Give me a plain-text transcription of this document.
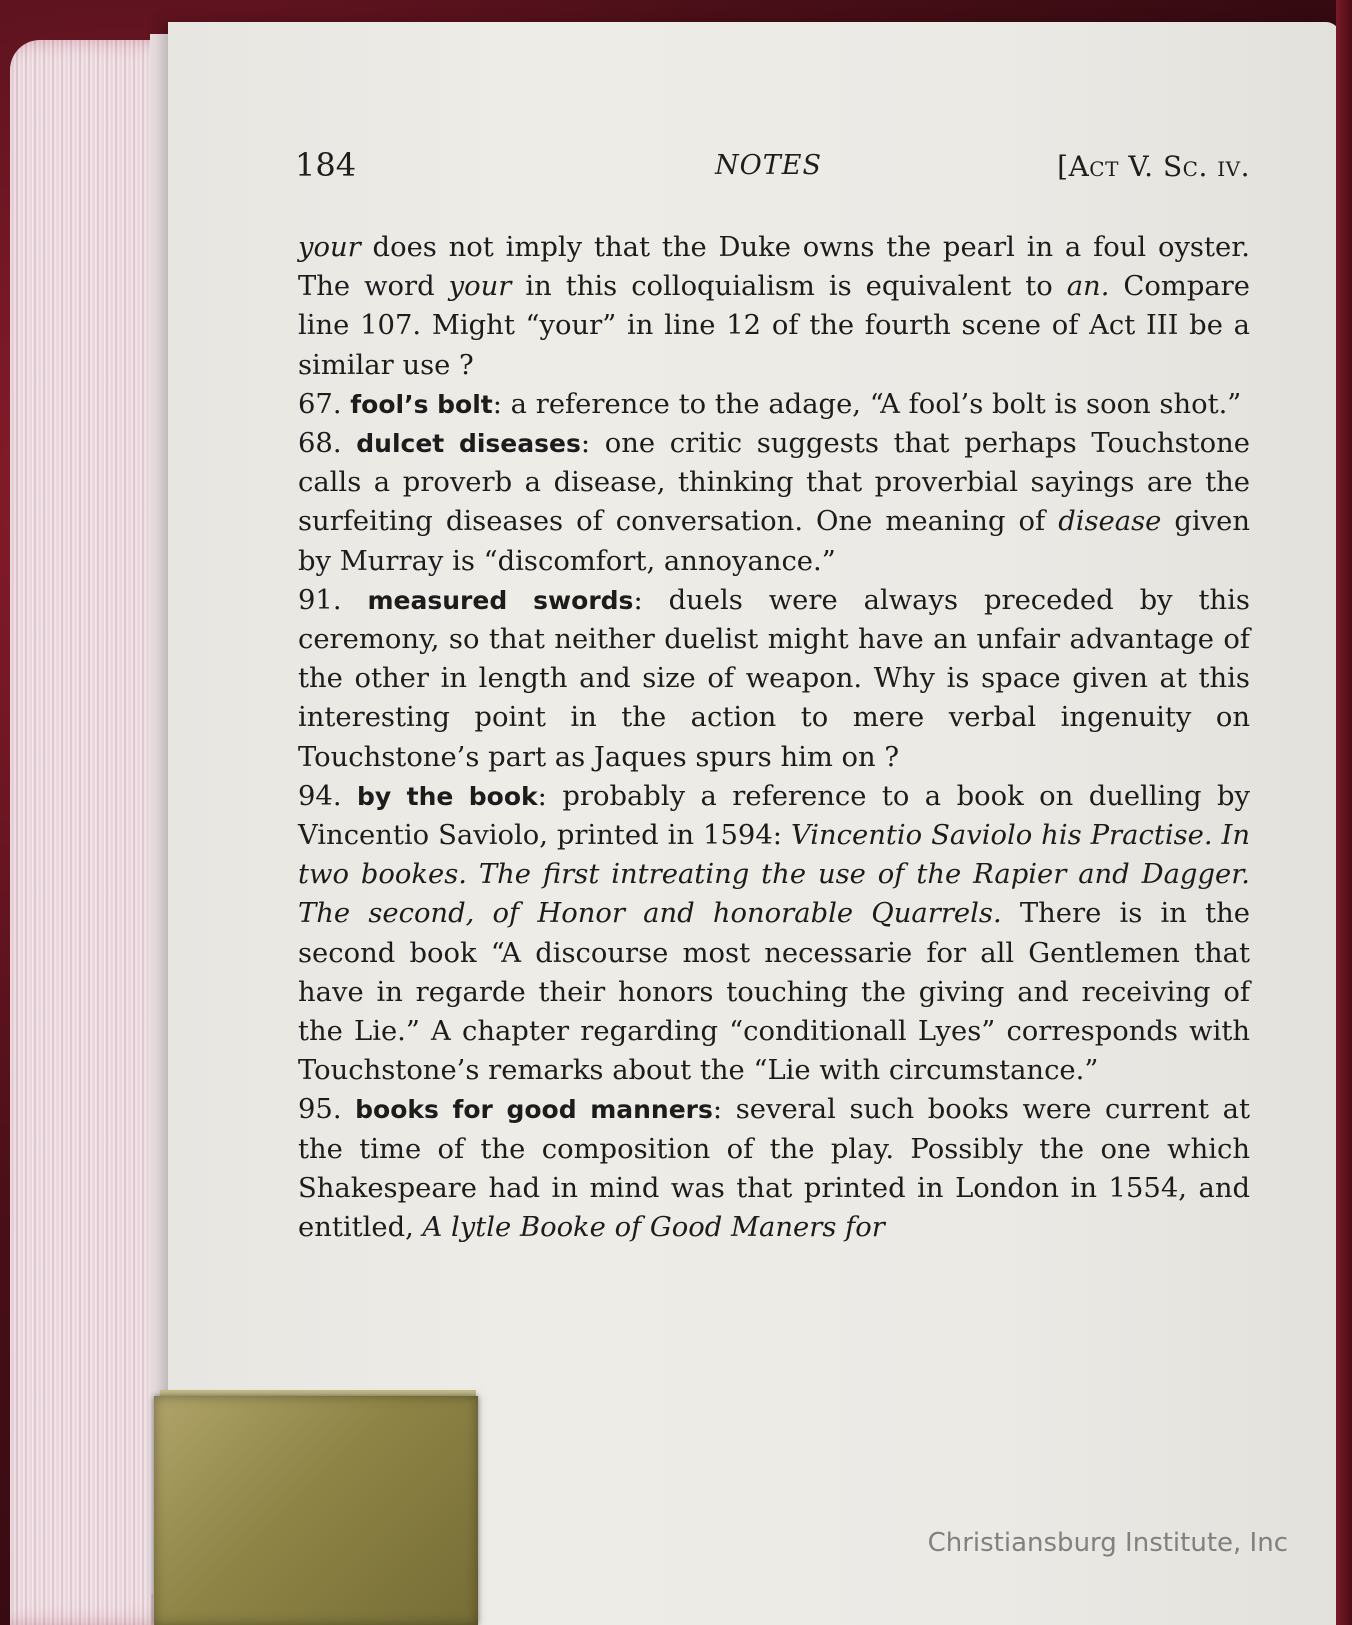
184	NOTES	[Act V. Sc. iv.

your does not imply that the Duke owns the pearl in a foul oyster. The word your in this colloquialism is equivalent to an. Compare line 107. Might “your” in line 12 of the fourth scene of Act III be a similar use ?

67. fool’s bolt: a reference to the adage, “A fool’s bolt is soon shot.”

68. dulcet diseases: one critic suggests that perhaps Touchstone calls a proverb a disease, thinking that proverbial sayings are the surfeiting diseases of conversation. One meaning of disease given by Murray is “discomfort, annoyance.”

91. measured swords: duels were always preceded by this ceremony, so that neither duelist might have an unfair advantage of the other in length and size of weapon. Why is space given at this interesting point in the action to mere verbal ingenuity on Touchstone’s part as Jaques spurs him on ?

94. by the book: probably a reference to a book on duelling by Vincentio Saviolo, printed in 1594: Vincentio Saviolo his Practise. In two bookes. The first intreating the use of the Rapier and Dagger. The second, of Honor and honorable Quarrels. There is in the second book “A discourse most necessarie for all Gentlemen that have in regarde their honors touching the giving and receiving of the Lie.” A chapter regarding “conditionall Lyes” corresponds with Touchstone’s remarks about the “Lie with circumstance.”

95. books for good manners: several such books were current at the time of the composition of the play. Possibly the one which Shakespeare had in mind was that printed in London in 1554, and entitled, A lytle Booke of Good Maners for

Christiansburg Institute, Inc
